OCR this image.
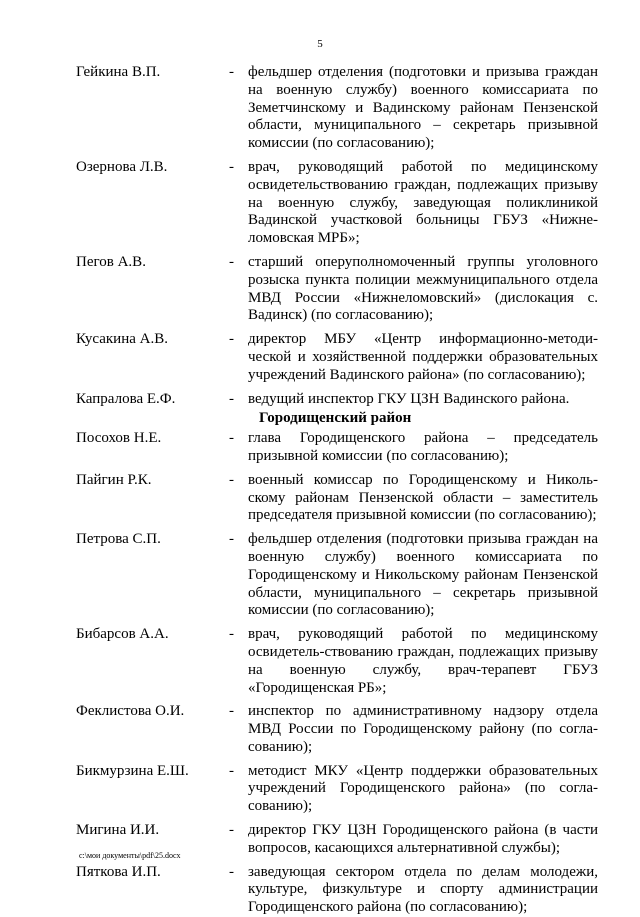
5
Гейкина В.П.	- фельдшер отделения (подготовки и призыва граждан на военную службу) военного комиссариата по Земетчинскому и Вадинскому районам Пензенской области, муниципального – секретарь призывной комиссии (по согласованию);
Озернова Л.В.	- врач, руководящий работой по медицинскому освидетельствованию граждан, подлежащих призыву на военную службу, заведующая поликлиникой Вадинской участковой больницы ГБУЗ «Нижне-ломовская МРБ»;
Пегов А.В.	- старший оперуполномоченный группы уголовного розыска пункта полиции межмуниципального отдела МВД России «Нижнеломовский» (дислокация с. Вадинск) (по согласованию);
Кусакина А.В.	- директор МБУ «Центр информационно-методи-ческой и хозяйственной поддержки образовательных учреждений Вадинского района» (по согласованию);
Капралова Е.Ф.	- ведущий инспектор ГКУ ЦЗН Вадинского района.
Городищенский район
Посохов Н.Е.	- глава Городищенского района – председатель призывной комиссии (по согласованию);
Пайгин Р.К.	- военный комиссар по Городищенскому и Николь-скому районам Пензенской области – заместитель председателя призывной комиссии (по согласованию);
Петрова С.П.	- фельдшер отделения (подготовки призыва граждан на военную службу) военного комиссариата по Городищенскому и Никольскому районам Пензенской области, муниципального – секретарь призывной комиссии (по согласованию);
Бибарсов А.А.	- врач, руководящий работой по медицинскому освидетель-ствованию граждан, подлежащих призыву на военную службу, врач-терапевт ГБУЗ «Городищенская РБ»;
Феклистова О.И.	- инспектор по административному надзору отдела МВД России по Городищенскому району (по согла-сованию);
Бикмурзина Е.Ш.	- методист МКУ «Центр поддержки образовательных учреждений Городищенского района» (по согла-сованию);
Мигина И.И.	- директор ГКУ ЦЗН Городищенского района (в части вопросов, касающихся альтернативной службы);
Пяткова И.П.	- заведующая сектором отдела по делам молодежи, культуре, физкультуре и спорту администрации Городищенского района (по согласованию);
c:\мои документы\pdf\25.docx
